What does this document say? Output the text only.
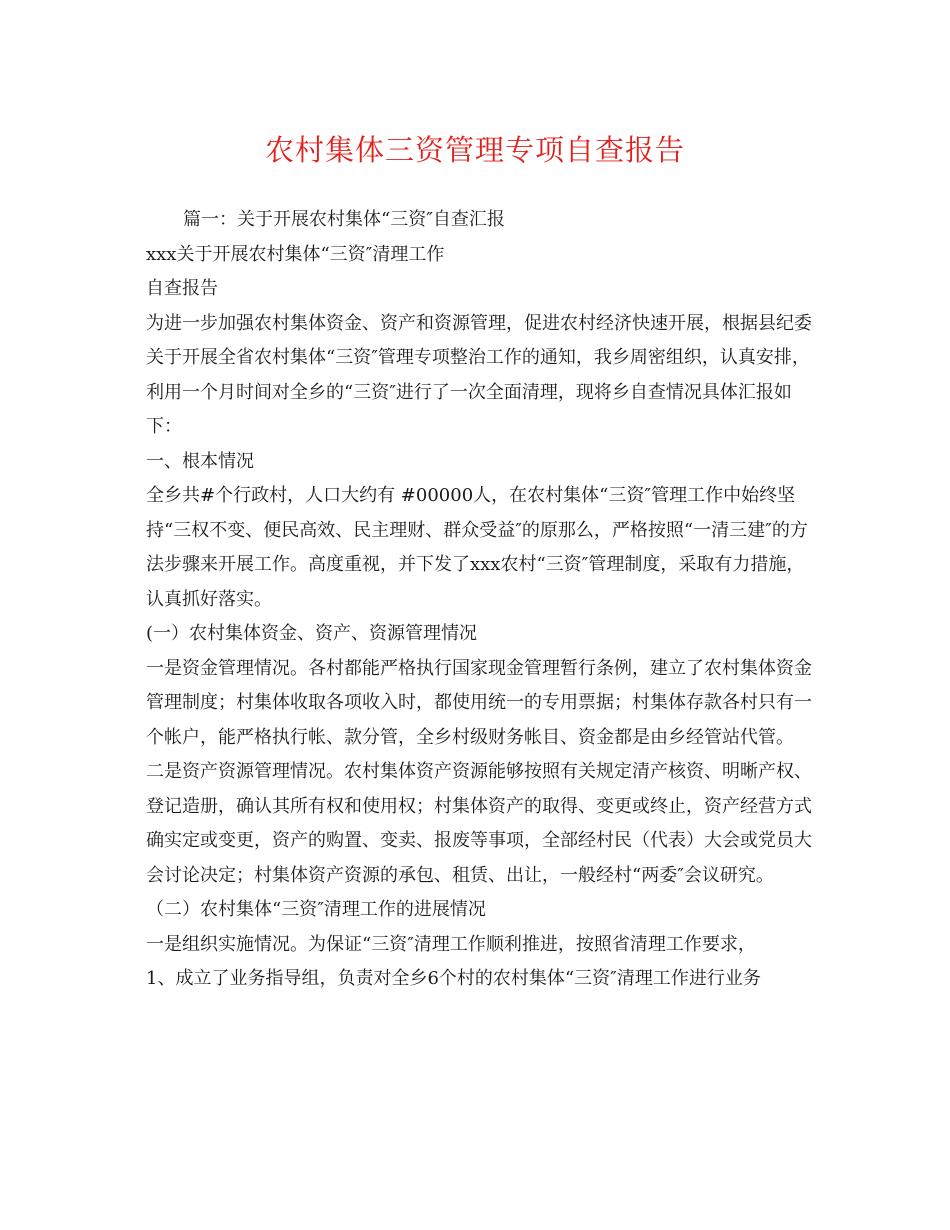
农村集体三资管理专项自查报告

篇一：关于开展农村集体“三资″自查汇报

xxx关于开展农村集体“三资″清理工作

自查报告

为进一步加强农村集体资金、资产和资源管理，促进农村经济快速开展，根据县纪委关于开展全省农村集体“三资″管理专项整治工作的通知，我乡周密组织，认真安排，利用一个月时间对全乡的“三资″进行了一次全面清理，现将乡自查情况具体汇报如下：

一、根本情况

全乡共#个行政村，人口大约有 #00000人，在农村集体“三资″管理工作中始终坚持“三权不变、便民高效、民主理财、群众受益″的原那么，严格按照“一清三建″的方法步骤来开展工作。高度重视，并下发了xxx农村“三资″管理制度，采取有力措施，认真抓好落实。

(一）农村集体资金、资产、资源管理情况

一是资金管理情况。各村都能严格执行国家现金管理暂行条例，建立了农村集体资金管理制度；村集体收取各项收入时，都使用统一的专用票据；村集体存款各村只有一个帐户，能严格执行帐、款分管，全乡村级财务帐目、资金都是由乡经管站代管。

二是资产资源管理情况。农村集体资产资源能够按照有关规定清产核资、明晰产权、登记造册，确认其所有权和使用权；村集体资产的取得、变更或终止，资产经营方式确实定或变更，资产的购置、变卖、报废等事项，全部经村民（代表）大会或党员大会讨论决定；村集体资产资源的承包、租赁、出让，一般经村“两委″会议研究。

（二）农村集体“三资″清理工作的进展情况

一是组织实施情况。为保证“三资″清理工作顺利推进，按照省清理工作要求，

1、成立了业务指导组，负责对全乡6个村的农村集体“三资″清理工作进行业务
